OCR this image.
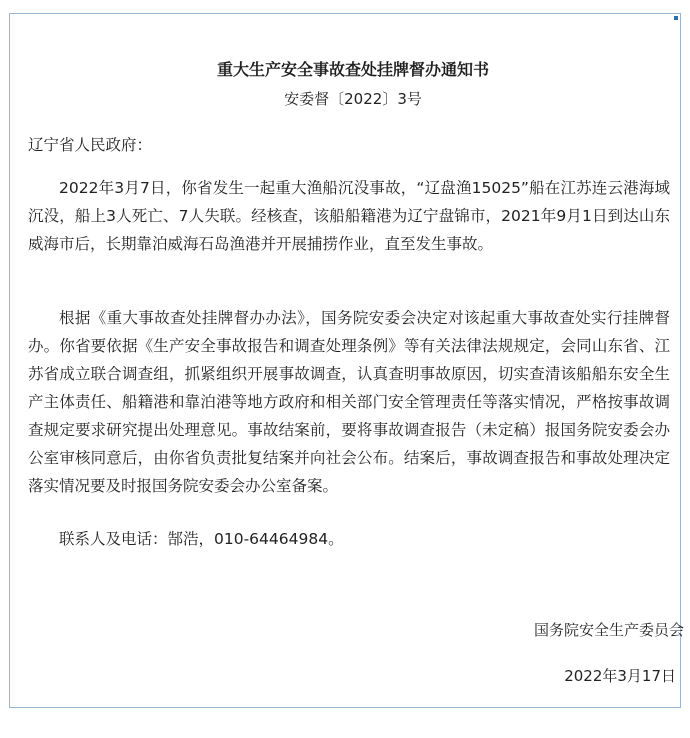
重大生产安全事故查处挂牌督办通知书
安委督〔2022〕3号
辽宁省人民政府：

2022年3月7日，你省发生一起重大渔船沉没事故，“辽盘渔15025”船在江苏连云港海域沉没，船上3人死亡、7人失联。经核查，该船船籍港为辽宁盘锦市，2021年9月1日到达山东威海市后，长期靠泊威海石岛渔港并开展捕捞作业，直至发生事故。

根据《重大事故查处挂牌督办办法》，国务院安委会决定对该起重大事故查处实行挂牌督办。你省要依据《生产安全事故报告和调查处理条例》等有关法律法规规定，会同山东省、江苏省成立联合调查组，抓紧组织开展事故调查，认真查明事故原因，切实查清该船船东安全生产主体责任、船籍港和靠泊港等地方政府和相关部门安全管理责任等落实情况，严格按事故调查规定要求研究提出处理意见。事故结案前，要将事故调查报告（未定稿）报国务院安委会办公室审核同意后，由你省负责批复结案并向社会公布。结案后，事故调查报告和事故处理决定落实情况要及时报国务院安委会办公室备案。

联系人及电话：郜浩，010-64464984。

国务院安全生产委员会
2022年3月17日
